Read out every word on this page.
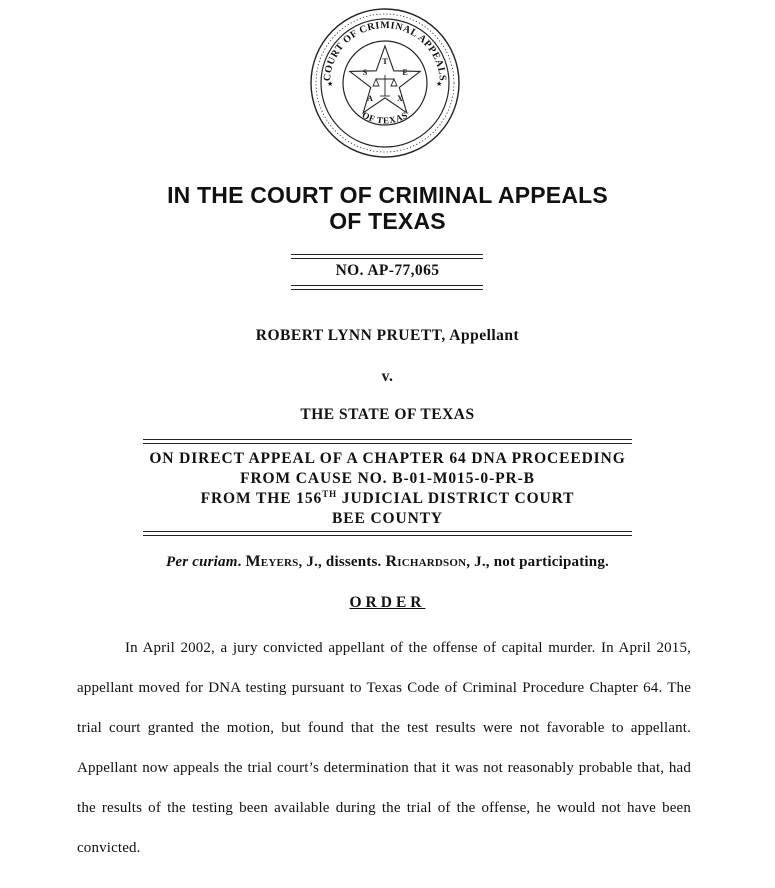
COURT OF CRIMINAL APPEALS
OF TEXAS
★	★
T
E
X
A
S
IN THE COURT OF CRIMINAL APPEALS
OF TEXAS
NO. AP-77,065
ROBERT LYNN PRUETT, Appellant
v.
THE STATE OF TEXAS
ON DIRECT APPEAL OF A CHAPTER 64 DNA PROCEEDING
FROM CAUSE NO. B-01-M015-0-PR-B
FROM THE 156TH JUDICIAL DISTRICT COURT
BEE COUNTY
Per curiam. Meyers, J., dissents. Richardson, J., not participating.
ORDER

In April 2002, a jury convicted appellant of the offense of capital murder. In April 2015, appellant moved for DNA testing pursuant to Texas Code of Criminal Procedure Chapter 64. The trial court granted the motion, but found that the test results were not favorable to appellant. Appellant now appeals the trial court’s determination that it was not reasonably probable that, had the results of the testing been available during the trial of the offense, he would not have been convicted.
